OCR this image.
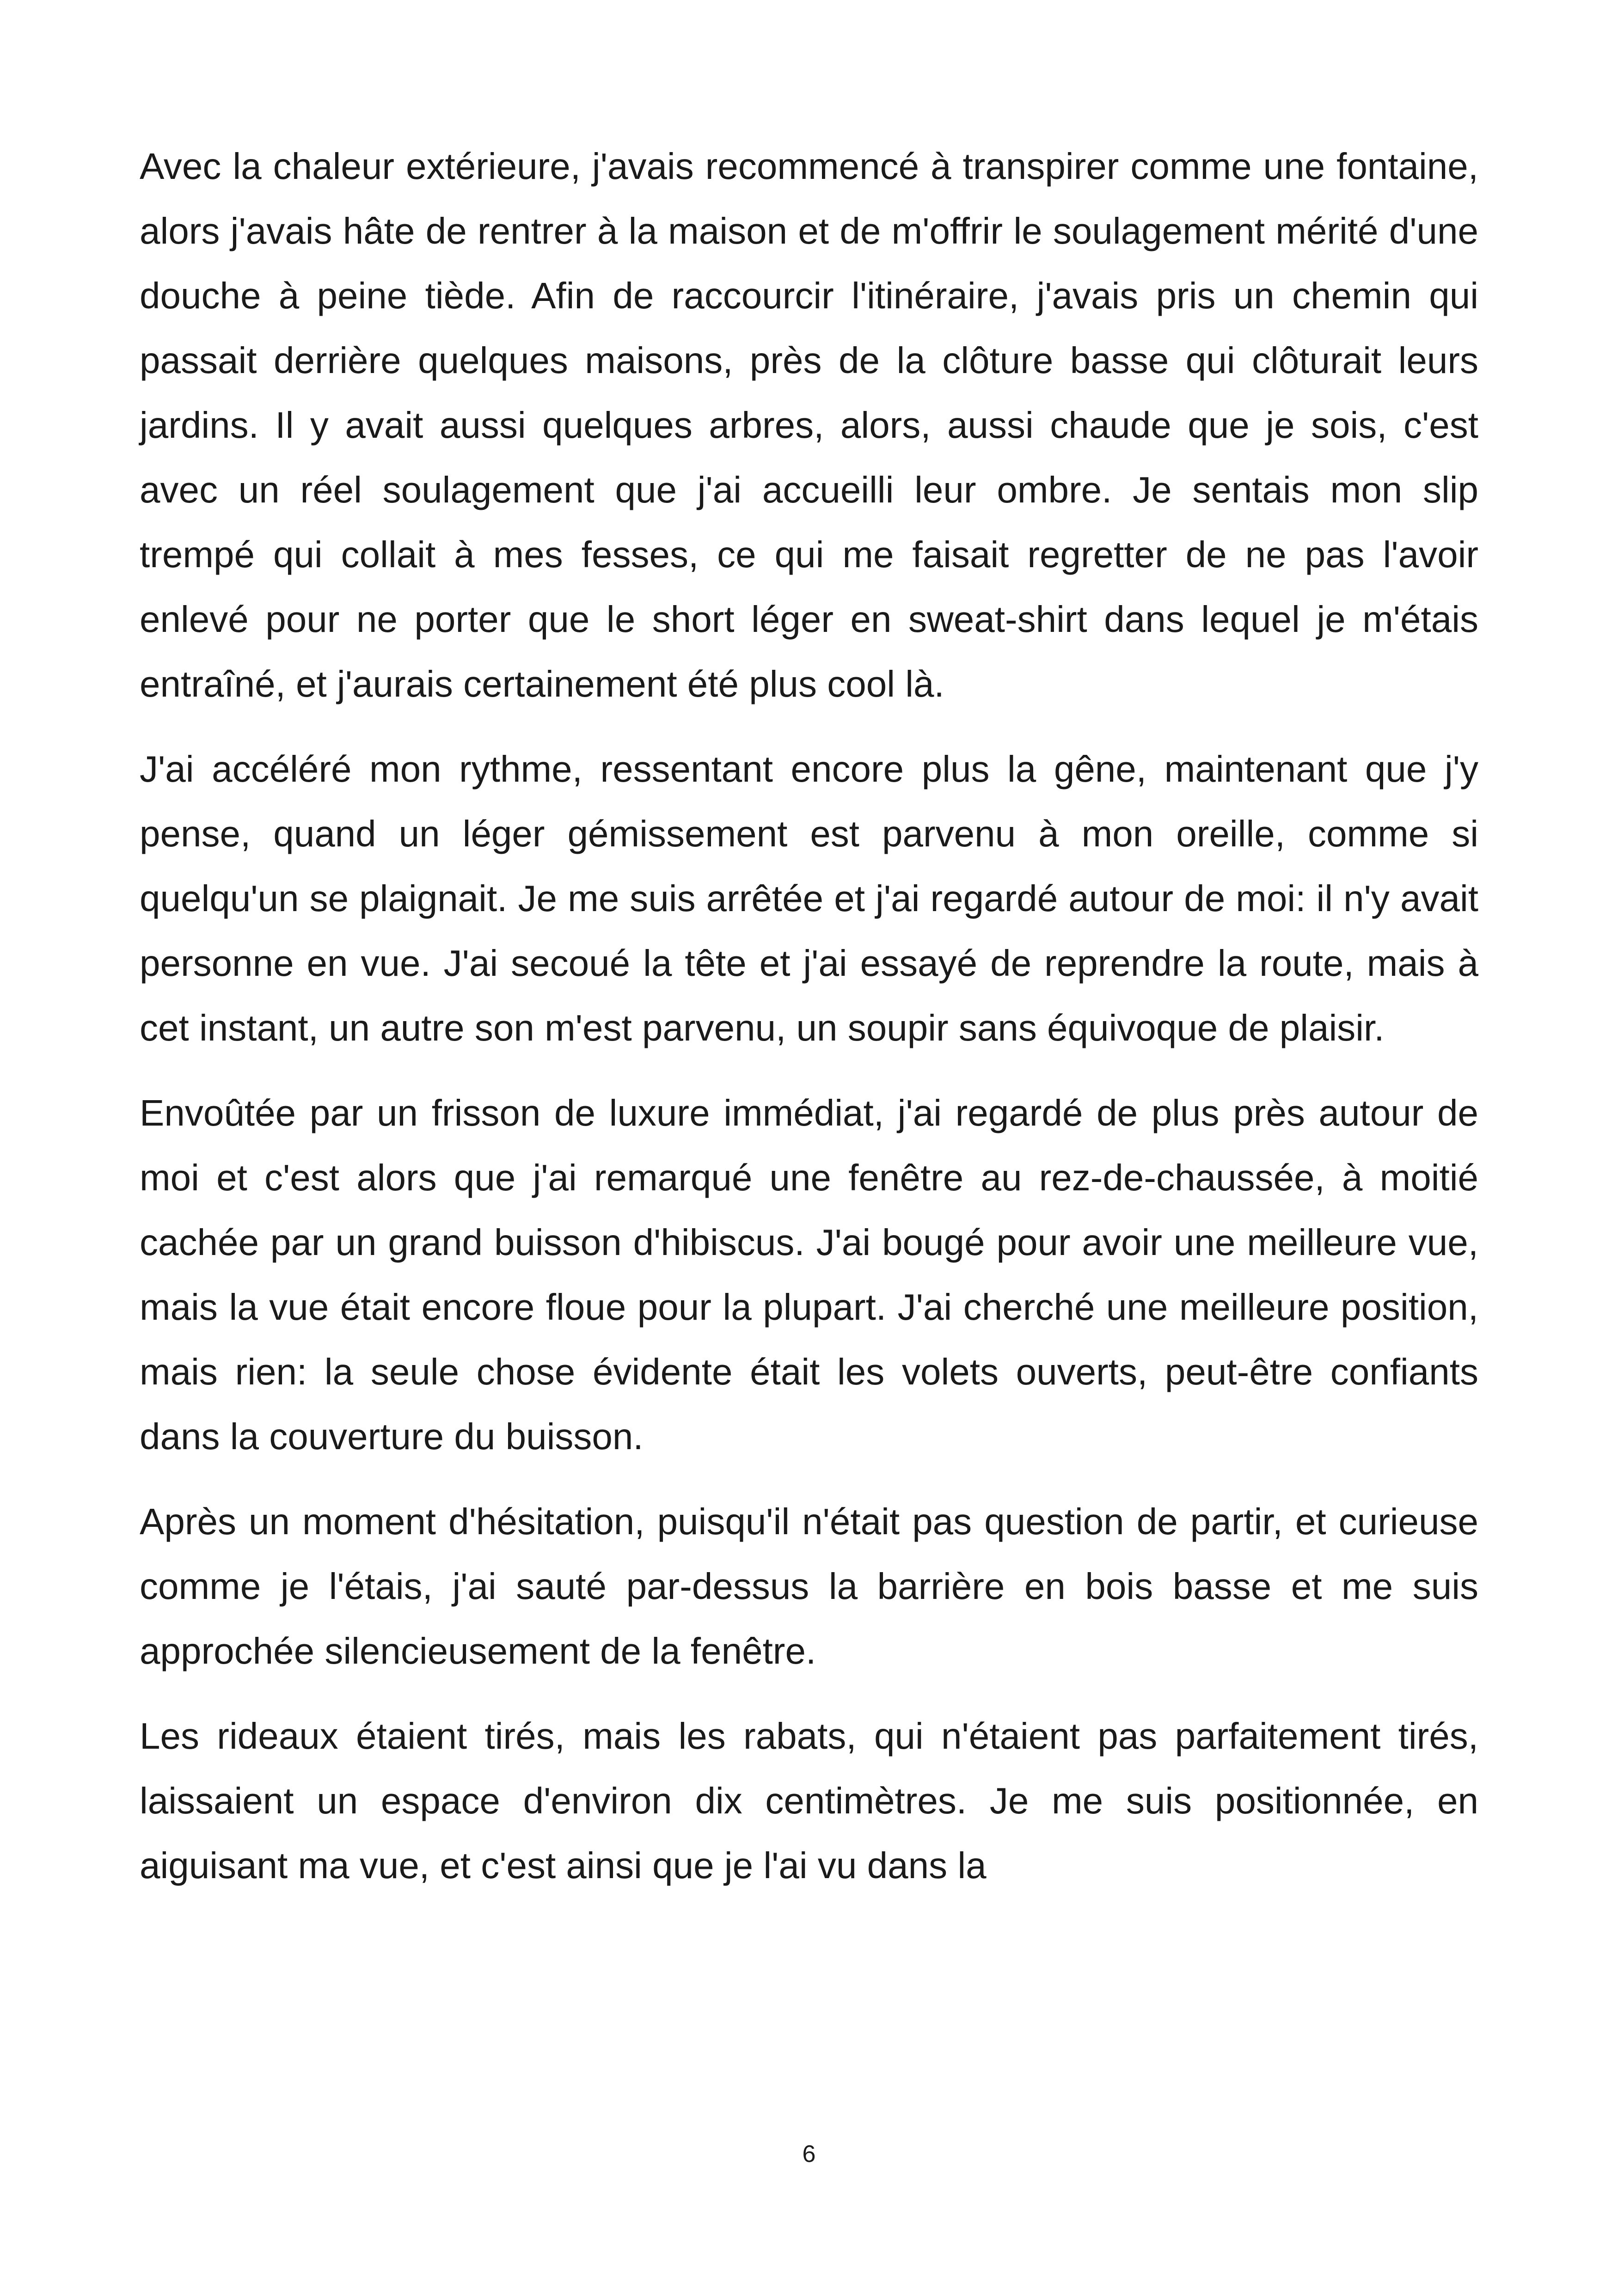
Avec la chaleur extérieure, j'avais recommencé à transpirer comme une fontaine, alors j'avais hâte de rentrer à la maison et de m'offrir le soulagement mérité d'une douche à peine tiède. Afin de raccourcir l'itinéraire, j'avais pris un chemin qui passait derrière quelques maisons, près de la clôture basse qui clôturait leurs jardins. Il y avait aussi quelques arbres, alors, aussi chaude que je sois, c'est avec un réel soulagement que j'ai accueilli leur ombre. Je sentais mon slip trempé qui collait à mes fesses, ce qui me faisait regretter de ne pas l'avoir enlevé pour ne porter que le short léger en sweat-shirt dans lequel je m'étais entraîné, et j'aurais certainement été plus cool là.

J'ai accéléré mon rythme, ressentant encore plus la gêne, maintenant que j'y pense, quand un léger gémissement est parvenu à mon oreille, comme si quelqu'un se plaignait. Je me suis arrêtée et j'ai regardé autour de moi: il n'y avait personne en vue. J'ai secoué la tête et j'ai essayé de reprendre la route, mais à cet instant, un autre son m'est parvenu, un soupir sans équivoque de plaisir.

Envoûtée par un frisson de luxure immédiat, j'ai regardé de plus près autour de moi et c'est alors que j'ai remarqué une fenêtre au rez-de-chaussée, à moitié cachée par un grand buisson d'hibiscus. J'ai bougé pour avoir une meilleure vue, mais la vue était encore floue pour la plupart. J'ai cherché une meilleure position, mais rien: la seule chose évidente était les volets ouverts, peut-être confiants dans la couverture du buisson.

Après un moment d'hésitation, puisqu'il n'était pas question de partir, et curieuse comme je l'étais, j'ai sauté par-dessus la barrière en bois basse et me suis approchée silencieusement de la fenêtre.

Les rideaux étaient tirés, mais les rabats, qui n'étaient pas parfaitement tirés, laissaient un espace d'environ dix centimètres. Je me suis positionnée, en aiguisant ma vue, et c'est ainsi que je l'ai vu dans la

6
